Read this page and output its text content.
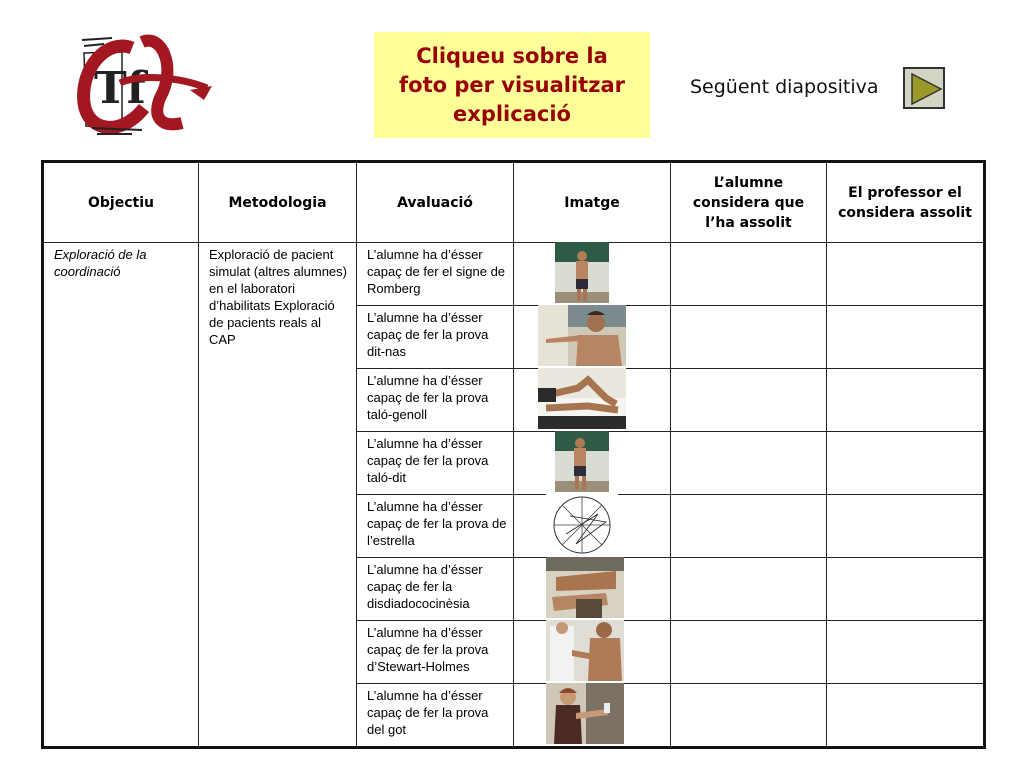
Tf
Cliqueu sobre la
foto per visualitzar
explicació
Següent diapositiva
Objectiu	Metodologia	Avaluació	Imatge	L’alumne considera que l’ha assolit	El professor el considera assolit
Exploració de la coordinació	Exploració de pacient simulat (altres alumnes) en el laboratori d’habilitats Exploració de pacients reals al CAP	L’alumne ha d’ésser capaç de fer el signe de Romberg	

		L’alumne ha d’ésser capaç de fer la prova dit-nas	

		L’alumne ha d’ésser capaç de fer la prova taló-genoll	

		L’alumne ha d’ésser capaç de fer la prova taló-dit	

		L’alumne ha d’ésser capaç de fer la prova de l’estrella	

		L’alumne ha d’ésser capaç de fer la disdiadococinèsia	

		L’alumne ha d’ésser capaç de fer la prova d’Stewart-Holmes	

		L’alumne ha d’ésser capaç de fer la prova del got	
